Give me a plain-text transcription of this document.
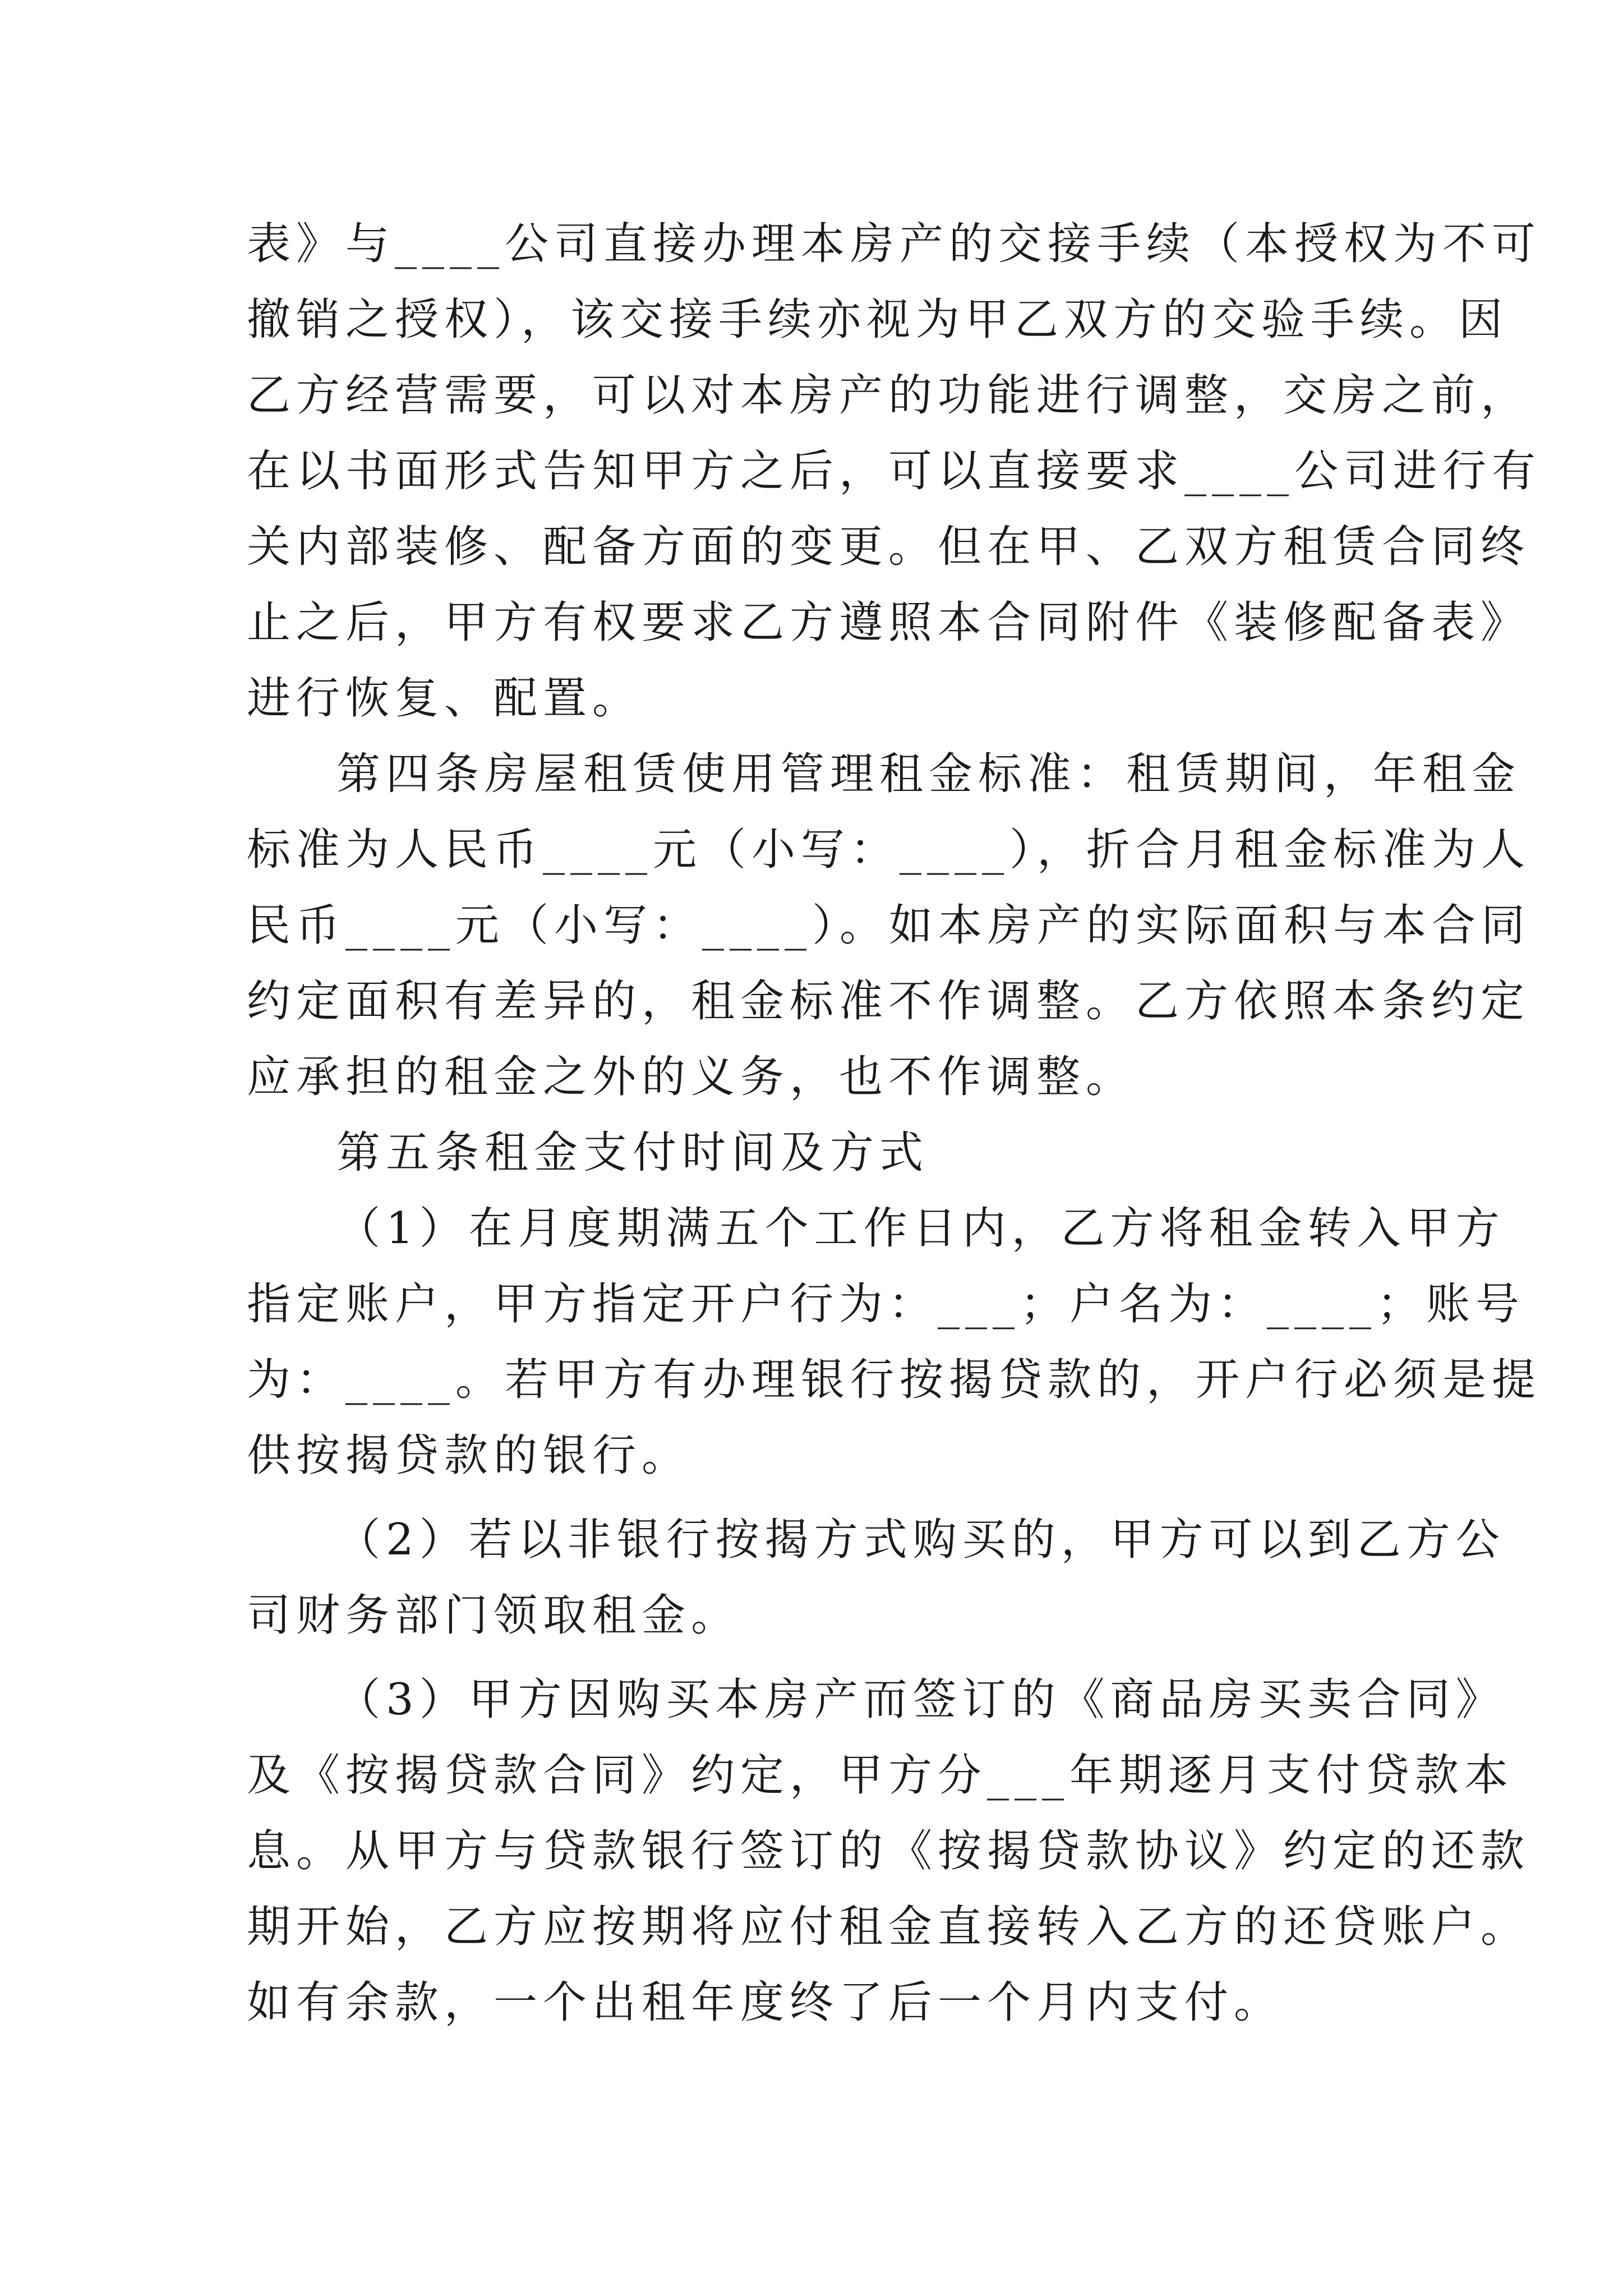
表》与____公司直接办理本房产的交接手续（本授权为不可
撤销之授权），该交接手续亦视为甲乙双方的交验手续。因
乙方经营需要，可以对本房产的功能进行调整，交房之前，
在以书面形式告知甲方之后，可以直接要求____公司进行有
关内部装修、配备方面的变更。但在甲、乙双方租赁合同终
止之后，甲方有权要求乙方遵照本合同附件《装修配备表》
进行恢复、配置。
第四条房屋租赁使用管理租金标准：租赁期间，年租金
标准为人民币____元（小写：____），折合月租金标准为人
民币____元（小写：____）。如本房产的实际面积与本合同
约定面积有差异的，租金标准不作调整。乙方依照本条约定
应承担的租金之外的义务，也不作调整。
第五条租金支付时间及方式
（1）在月度期满五个工作日内，乙方将租金转入甲方
指定账户，甲方指定开户行为：___；户名为：____；账号
为：____。若甲方有办理银行按揭贷款的，开户行必须是提
供按揭贷款的银行。
（2）若以非银行按揭方式购买的，甲方可以到乙方公
司财务部门领取租金。
（3）甲方因购买本房产而签订的《商品房买卖合同》
及《按揭贷款合同》约定，甲方分___年期逐月支付贷款本
息。从甲方与贷款银行签订的《按揭贷款协议》约定的还款
期开始，乙方应按期将应付租金直接转入乙方的还贷账户。
如有余款，一个出租年度终了后一个月内支付。
